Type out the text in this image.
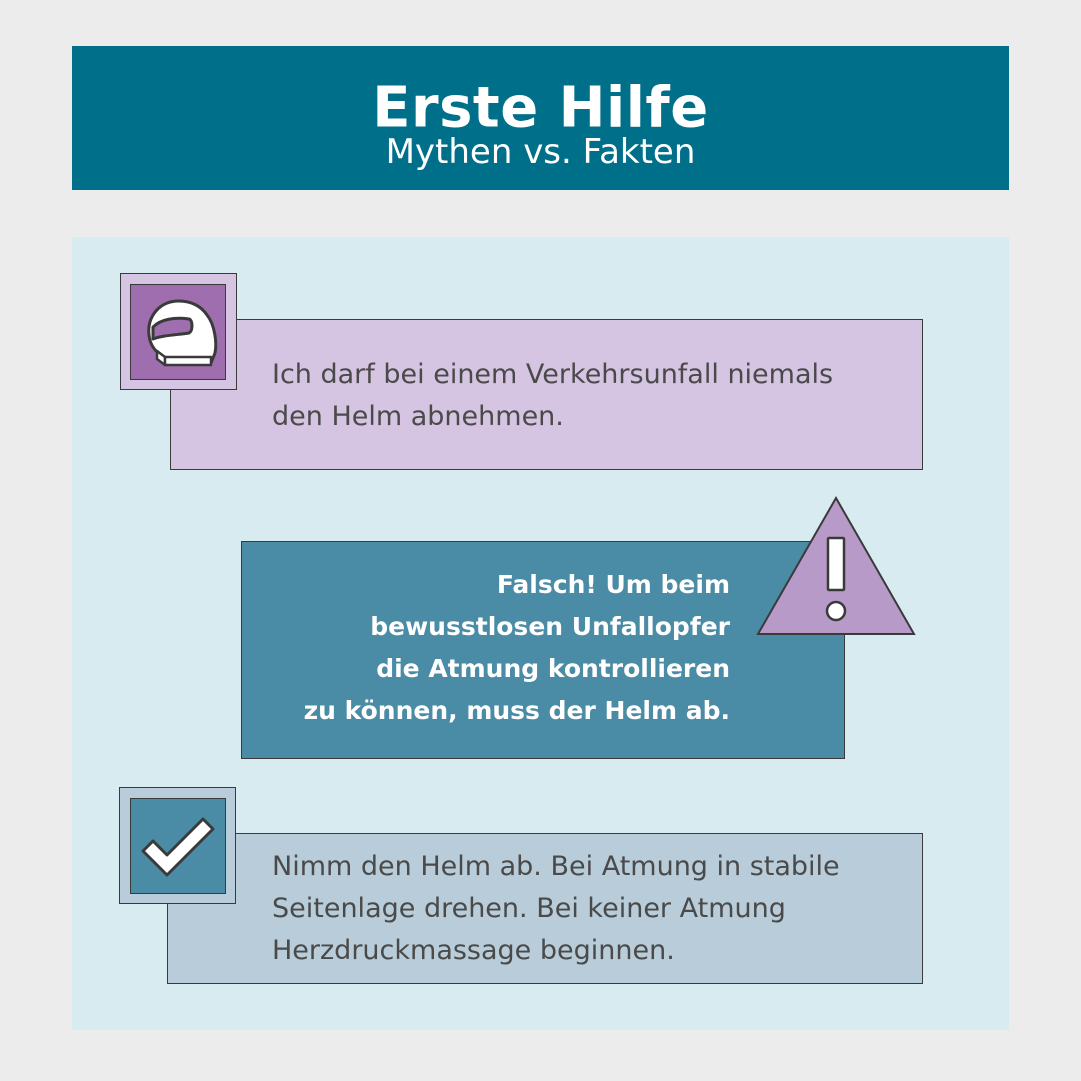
Erste Hilfe
Mythen vs. Fakten
Ich darf bei einem Verkehrsunfall niemals
den Helm abnehmen.
Falsch! Um beim
bewusstlosen Unfallopfer
die Atmung kontrollieren
zu können, muss der Helm ab.
Nimm den Helm ab. Bei Atmung in stabile
Seitenlage drehen. Bei keiner Atmung
Herzdruckmassage beginnen.
